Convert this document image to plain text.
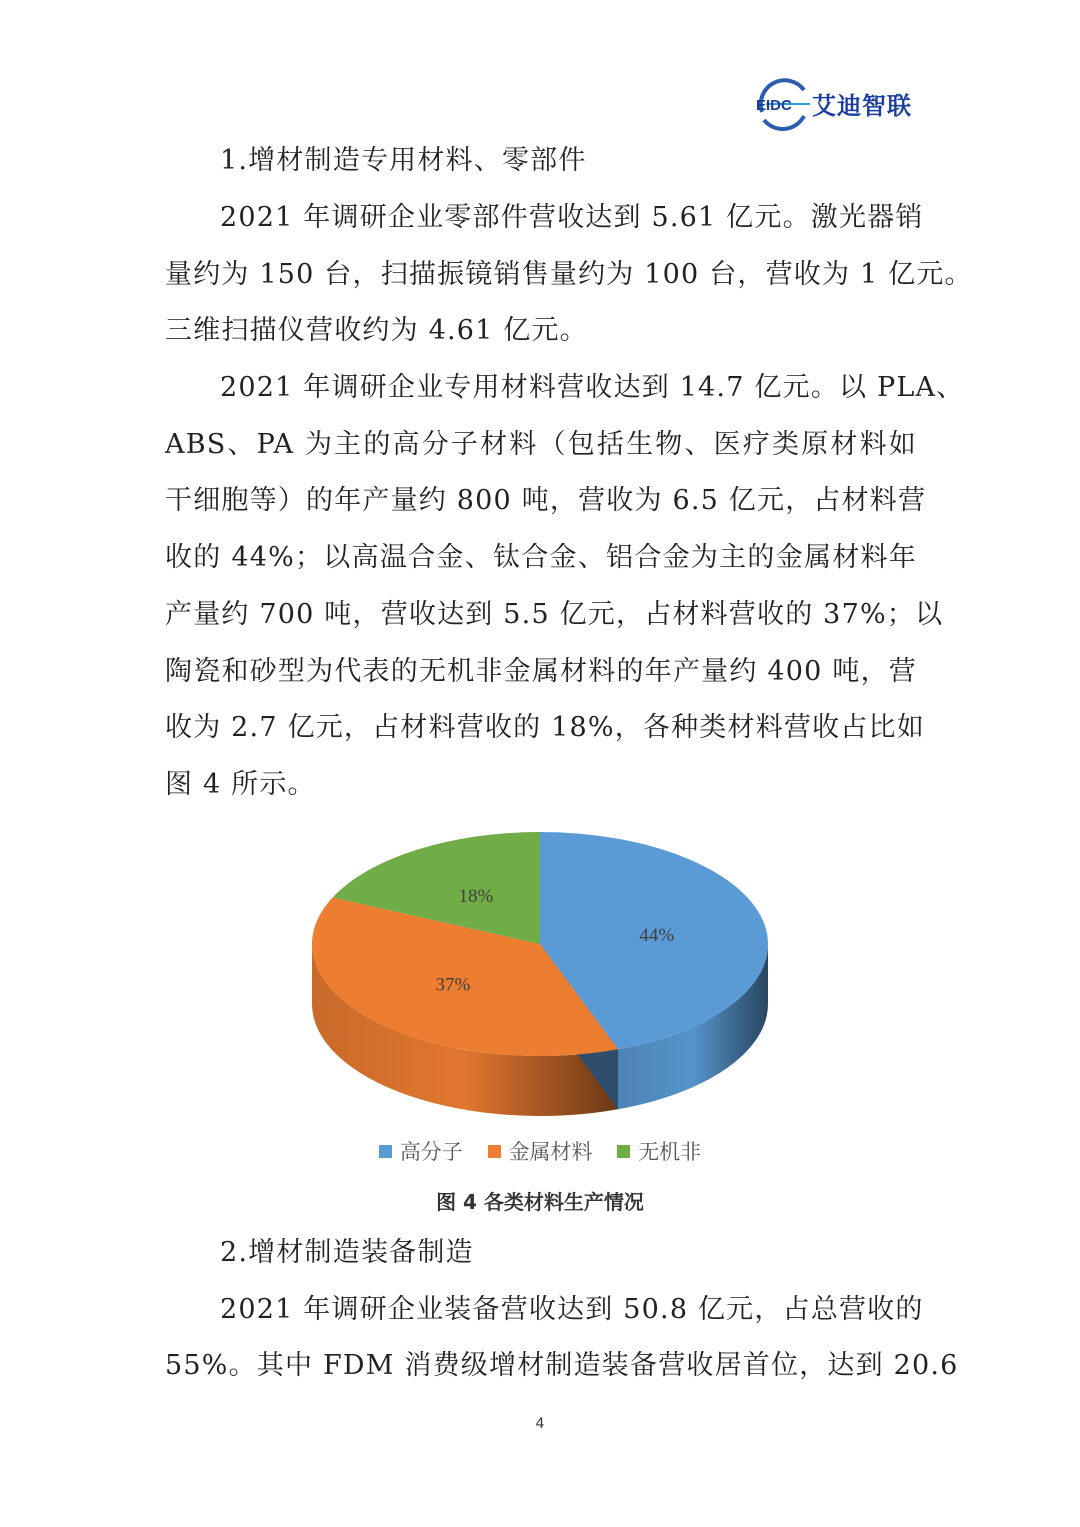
EIDC 艾迪智联
1.增材制造专用材料、零部件
2021 年调研企业零部件营收达到 5.61 亿元。激光器销
量约为 150 台，扫描振镜销售量约为 100 台，营收为 1 亿元。
三维扫描仪营收约为 4.61 亿元。
2021 年调研企业专用材料营收达到 14.7 亿元。以 PLA、
ABS、PA 为主的高分子材料（包括生物、医疗类原材料如
干细胞等）的年产量约 800 吨，营收为 6.5 亿元，占材料营
收的 44%；以高温合金、钛合金、铝合金为主的金属材料年
产量约 700 吨，营收达到 5.5 亿元，占材料营收的 37%；以
陶瓷和砂型为代表的无机非金属材料的年产量约 400 吨，营
收为 2.7 亿元，占材料营收的 18%，各种类材料营收占比如
图 4 所示。
44%
37%
18%
高分子 金属材料 无机非
图 4 各类材料生产情况
2.增材制造装备制造
2021 年调研企业装备营收达到 50.8 亿元，占总营收的
55%。其中 FDM 消费级增材制造装备营收居首位，达到 20.6
4
